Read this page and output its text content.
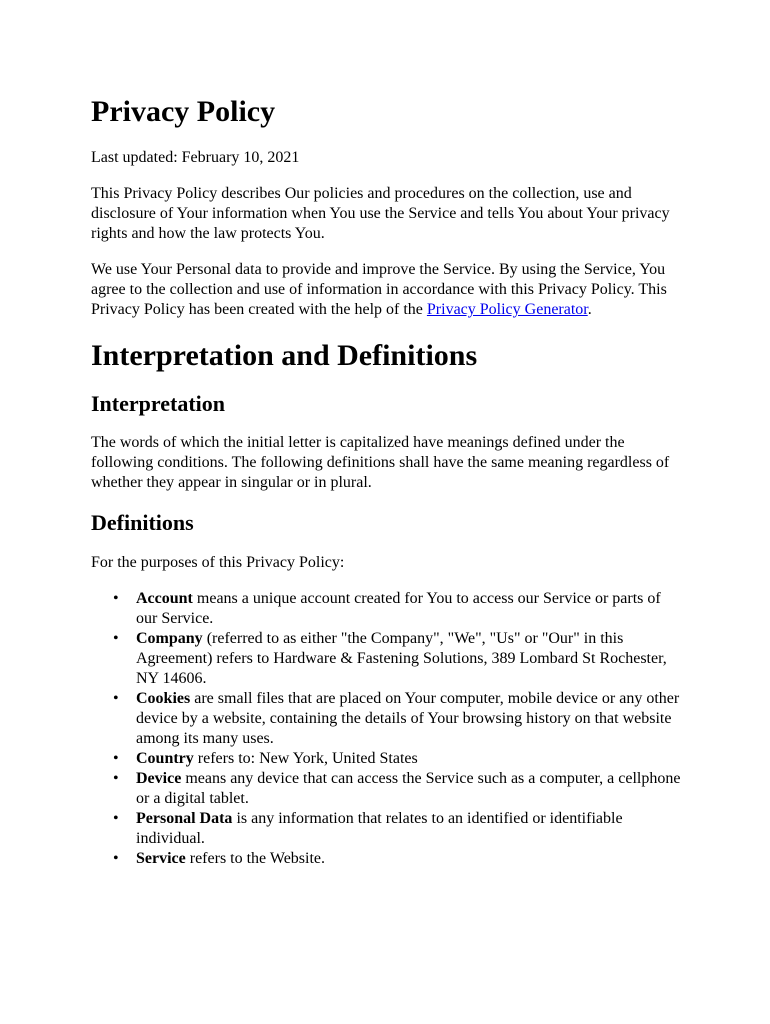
Privacy Policy

Last updated: February 10, 2021

This Privacy Policy describes Our policies and procedures on the collection, use and disclosure of Your information when You use the Service and tells You about Your privacy rights and how the law protects You.

We use Your Personal data to provide and improve the Service. By using the Service, You agree to the collection and use of information in accordance with this Privacy Policy. This Privacy Policy has been created with the help of the Privacy Policy Generator.

Interpretation and Definitions
Interpretation

The words of which the initial letter is capitalized have meanings defined under the following conditions. The following definitions shall have the same meaning regardless of whether they appear in singular or in plural.

Definitions

For the purposes of this Privacy Policy:

• Account means a unique account created for You to access our Service or parts of our Service.
• Company (referred to as either "the Company", "We", "Us" or "Our" in this Agreement) refers to Hardware & Fastening Solutions, 389 Lombard St Rochester, NY 14606.
• Cookies are small files that are placed on Your computer, mobile device or any other device by a website, containing the details of Your browsing history on that website among its many uses.
• Country refers to: New York, United States
• Device means any device that can access the Service such as a computer, a cellphone or a digital tablet.
• Personal Data is any information that relates to an identified or identifiable individual.
• Service refers to the Website.
